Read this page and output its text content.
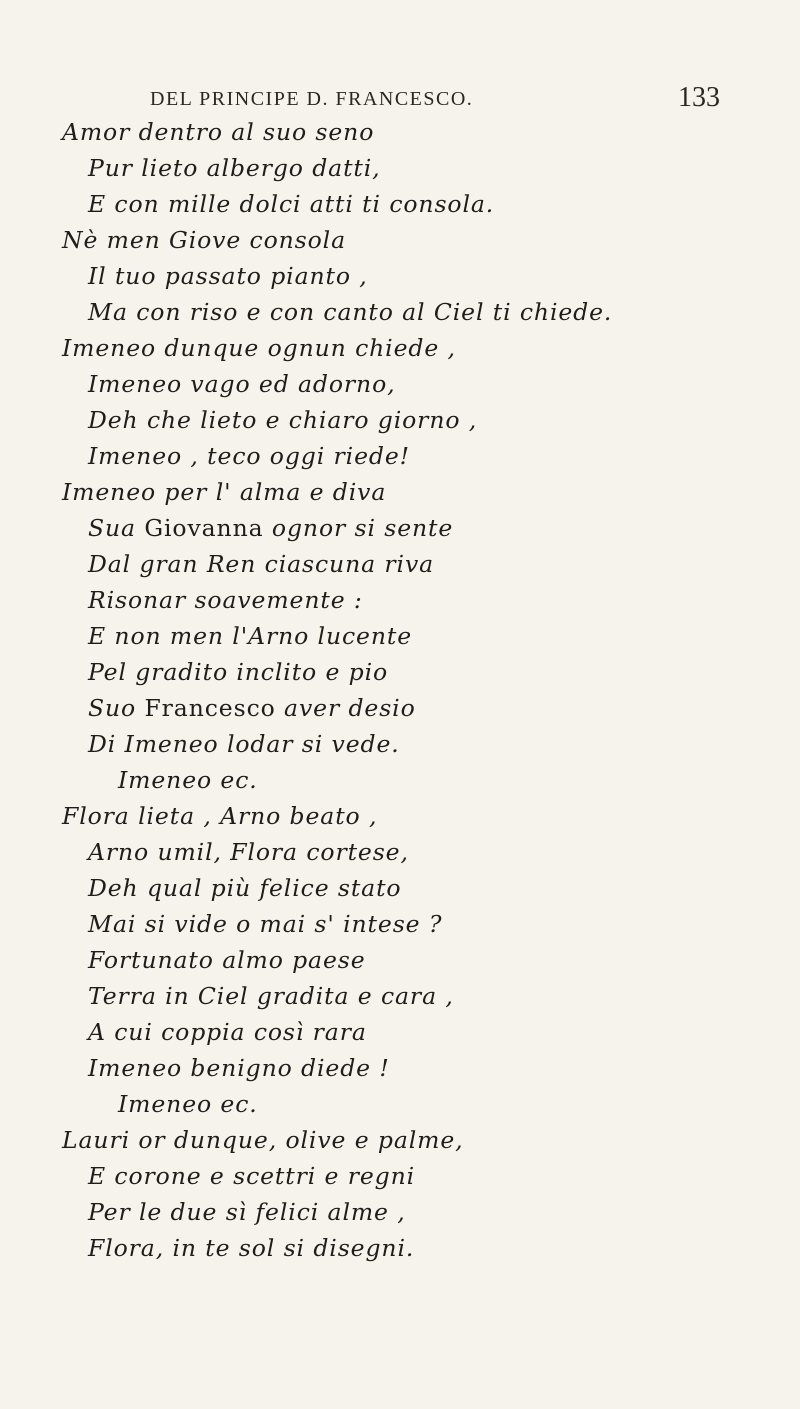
DEL PRINCIPE D. FRANCESCO.	133
Amor dentro al suo seno
Pur lieto albergo datti,
E con mille dolci atti ti consola.
Nè men Giove consola
Il tuo passato pianto ,
Ma con riso e con canto al Ciel ti chiede.
Imeneo dunque ognun chiede ,
Imeneo vago ed adorno,
Deh che lieto e chiaro giorno ,
Imeneo , teco oggi riede!
Imeneo per l' alma e diva
Sua Giovanna ognor si sente
Dal gran Ren ciascuna riva
Risonar soavemente :
E non men l'Arno lucente
Pel gradito inclito e pio
Suo Francesco aver desio
Di Imeneo lodar si vede.
Imeneo ec.
Flora lieta , Arno beato ,
Arno umil, Flora cortese,
Deh qual più felice stato
Mai si vide o mai s' intese ?
Fortunato almo paese
Terra in Ciel gradita e cara ,
A cui coppia così rara
Imeneo benigno diede !
Imeneo ec.
Lauri or dunque, olive e palme,
E corone e scettri e regni
Per le due sì felici alme ,
Flora, in te sol si disegni.
